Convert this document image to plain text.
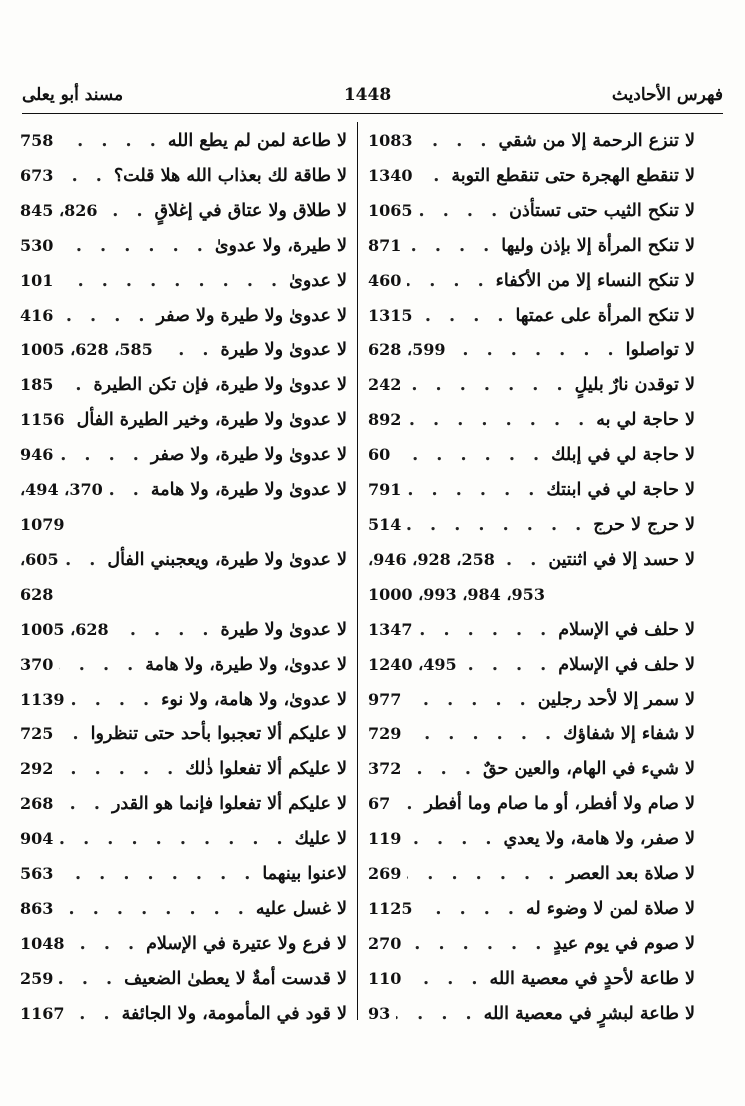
مسند أبو يعلى	1448	فهرس الأحاديث
لا تنزع الرحمة إلا من شقي
. . .
1083
لا تنقطع الهجرة حتى تنقطع التوبة
. . .
1340
لا تنكح الثيب حتى تستأذن
. . .
1065
لا تنكح المرأة إلا بإذن وليها
. . .
871
لا تنكح النساء إلا من الأكفاء
. . .
460
لا تنكح المرأة على عمتها
. . .
1315
لا تواصلوا
. . .
599، 628
لا توقدن نارٌ بليلٍ
. . .
242
لا حاجة لي به
. . .
892
لا حاجة لي في إبلك
. . .
60
لا حاجة لي في ابنتك
. . .
791
لا حرج لا حرج
. . .
514
لا حسد إلا في اثنتين
. . .
258، 928، 946،
953، 984، 993، 1000
لا حلف في الإسلام
. . .
1347
لا حلف في الإسلام
. . .
495، 1240
لا سمر إلا لأحد رجلين
. . .
977
لا شفاء إلا شفاؤك
. . .
729
لا شيء في الهام، والعين حقٌ
. . .
372
لا صام ولا أفطر، أو ما صام وما أفطر
. . .
67
لا صفر، ولا هامة، ولا يعدي
. . .
119
لا صلاة بعد العصر
. . .
269
لا صلاة لمن لا وضوء له
. . .
1125
لا صوم في يوم عيدٍ
. . .
270
لا طاعة لأحدٍ في معصية الله
. . .
110
لا طاعة لبشرٍ في معصية الله
. . .
93
لا طاعة لمن لم يطع الله
. . .
758
لا طاقة لك بعذاب الله هلا قلت؟
. . .
673
لا طلاق ولا عتاق في إغلاقٍ
. . .
826، 845
لا طيرة، ولا عدوىٰ
. . .
530
لا عدوىٰ
. . .
101
لا عدوىٰ ولا طيرة ولا صفر
. . .
416
لا عدوىٰ ولا طيرة
. . .
585، 628، 1005
لا عدوىٰ ولا طيرة، فإن تكن الطيرة
. . .
185
لا عدوىٰ ولا طيرة، وخير الطيرة الفأل
. . .
1156
لا عدوىٰ ولا طيرة، ولا صفر
. . .
946
لا عدوىٰ ولا طيرة، ولا هامة
. . .
370، 494،
1079
لا عدوىٰ ولا طيرة، ويعجبني الفأل
. . .
605،
628
لا عدوىٰ ولا طيرة
. . .
628، 1005
لا عدوىٰ، ولا طيرة، ولا هامة
. . .
370
لا عدوىٰ، ولا هامة، ولا نوء
. . .
1139
لا عليكم ألا تعجبوا بأحد حتى تنظروا
. . .
725
لا عليكم ألا تفعلوا ذٰلك
. . .
292
لا عليكم ألا تفعلوا فإنما هو القدر
. . .
268
لا عليك
. . .
904
لاعنوا بينهما
. . .
563
لا غسل عليه
. . .
863
لا فرع ولا عتيرة في الإسلام
. . .
1048
لا قدست أمةٌ لا يعطىٰ الضعيف
. . .
259
لا قود في المأمومة، ولا الجائفة
. . .
1167
